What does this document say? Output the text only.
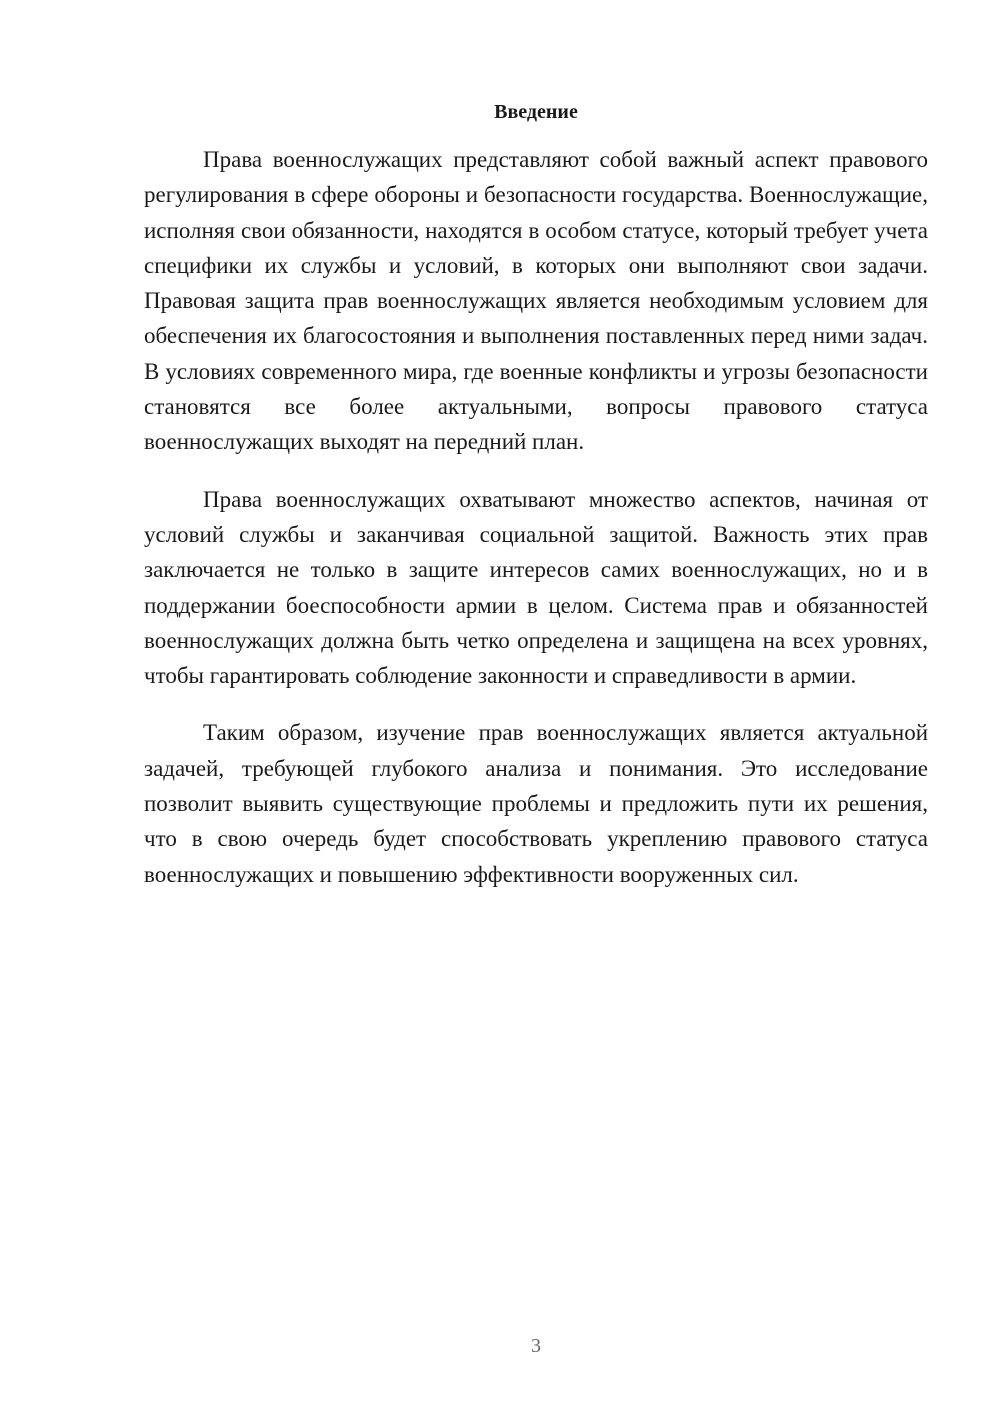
Введение

Права военнослужащих представляют собой важный аспект правового регулирования в сфере обороны и безопасности государства. Военнослужащие, исполняя свои обязанности, находятся в особом статусе, который требует учета специфики их службы и условий, в которых они выполняют свои задачи. Правовая защита прав военнослужащих является необходимым условием для обеспечения их благосостояния и выполнения поставленных перед ними задач. В условиях современного мира, где военные конфликты и угрозы безопасности становятся все более актуальными, вопросы правового статуса военнослужащих выходят на передний план.

Права военнослужащих охватывают множество аспектов, начиная от условий службы и заканчивая социальной защитой. Важность этих прав заключается не только в защите интересов самих военнослужащих, но и в поддержании боеспособности армии в целом. Система прав и обязанностей военнослужащих должна быть четко определена и защищена на всех уровнях, чтобы гарантировать соблюдение законности и справедливости в армии.

Таким образом, изучение прав военнослужащих является актуальной задачей, требующей глубокого анализа и понимания. Это исследование позволит выявить существующие проблемы и предложить пути их решения, что в свою очередь будет способствовать укреплению правового статуса военнослужащих и повышению эффективности вооруженных сил.

3
